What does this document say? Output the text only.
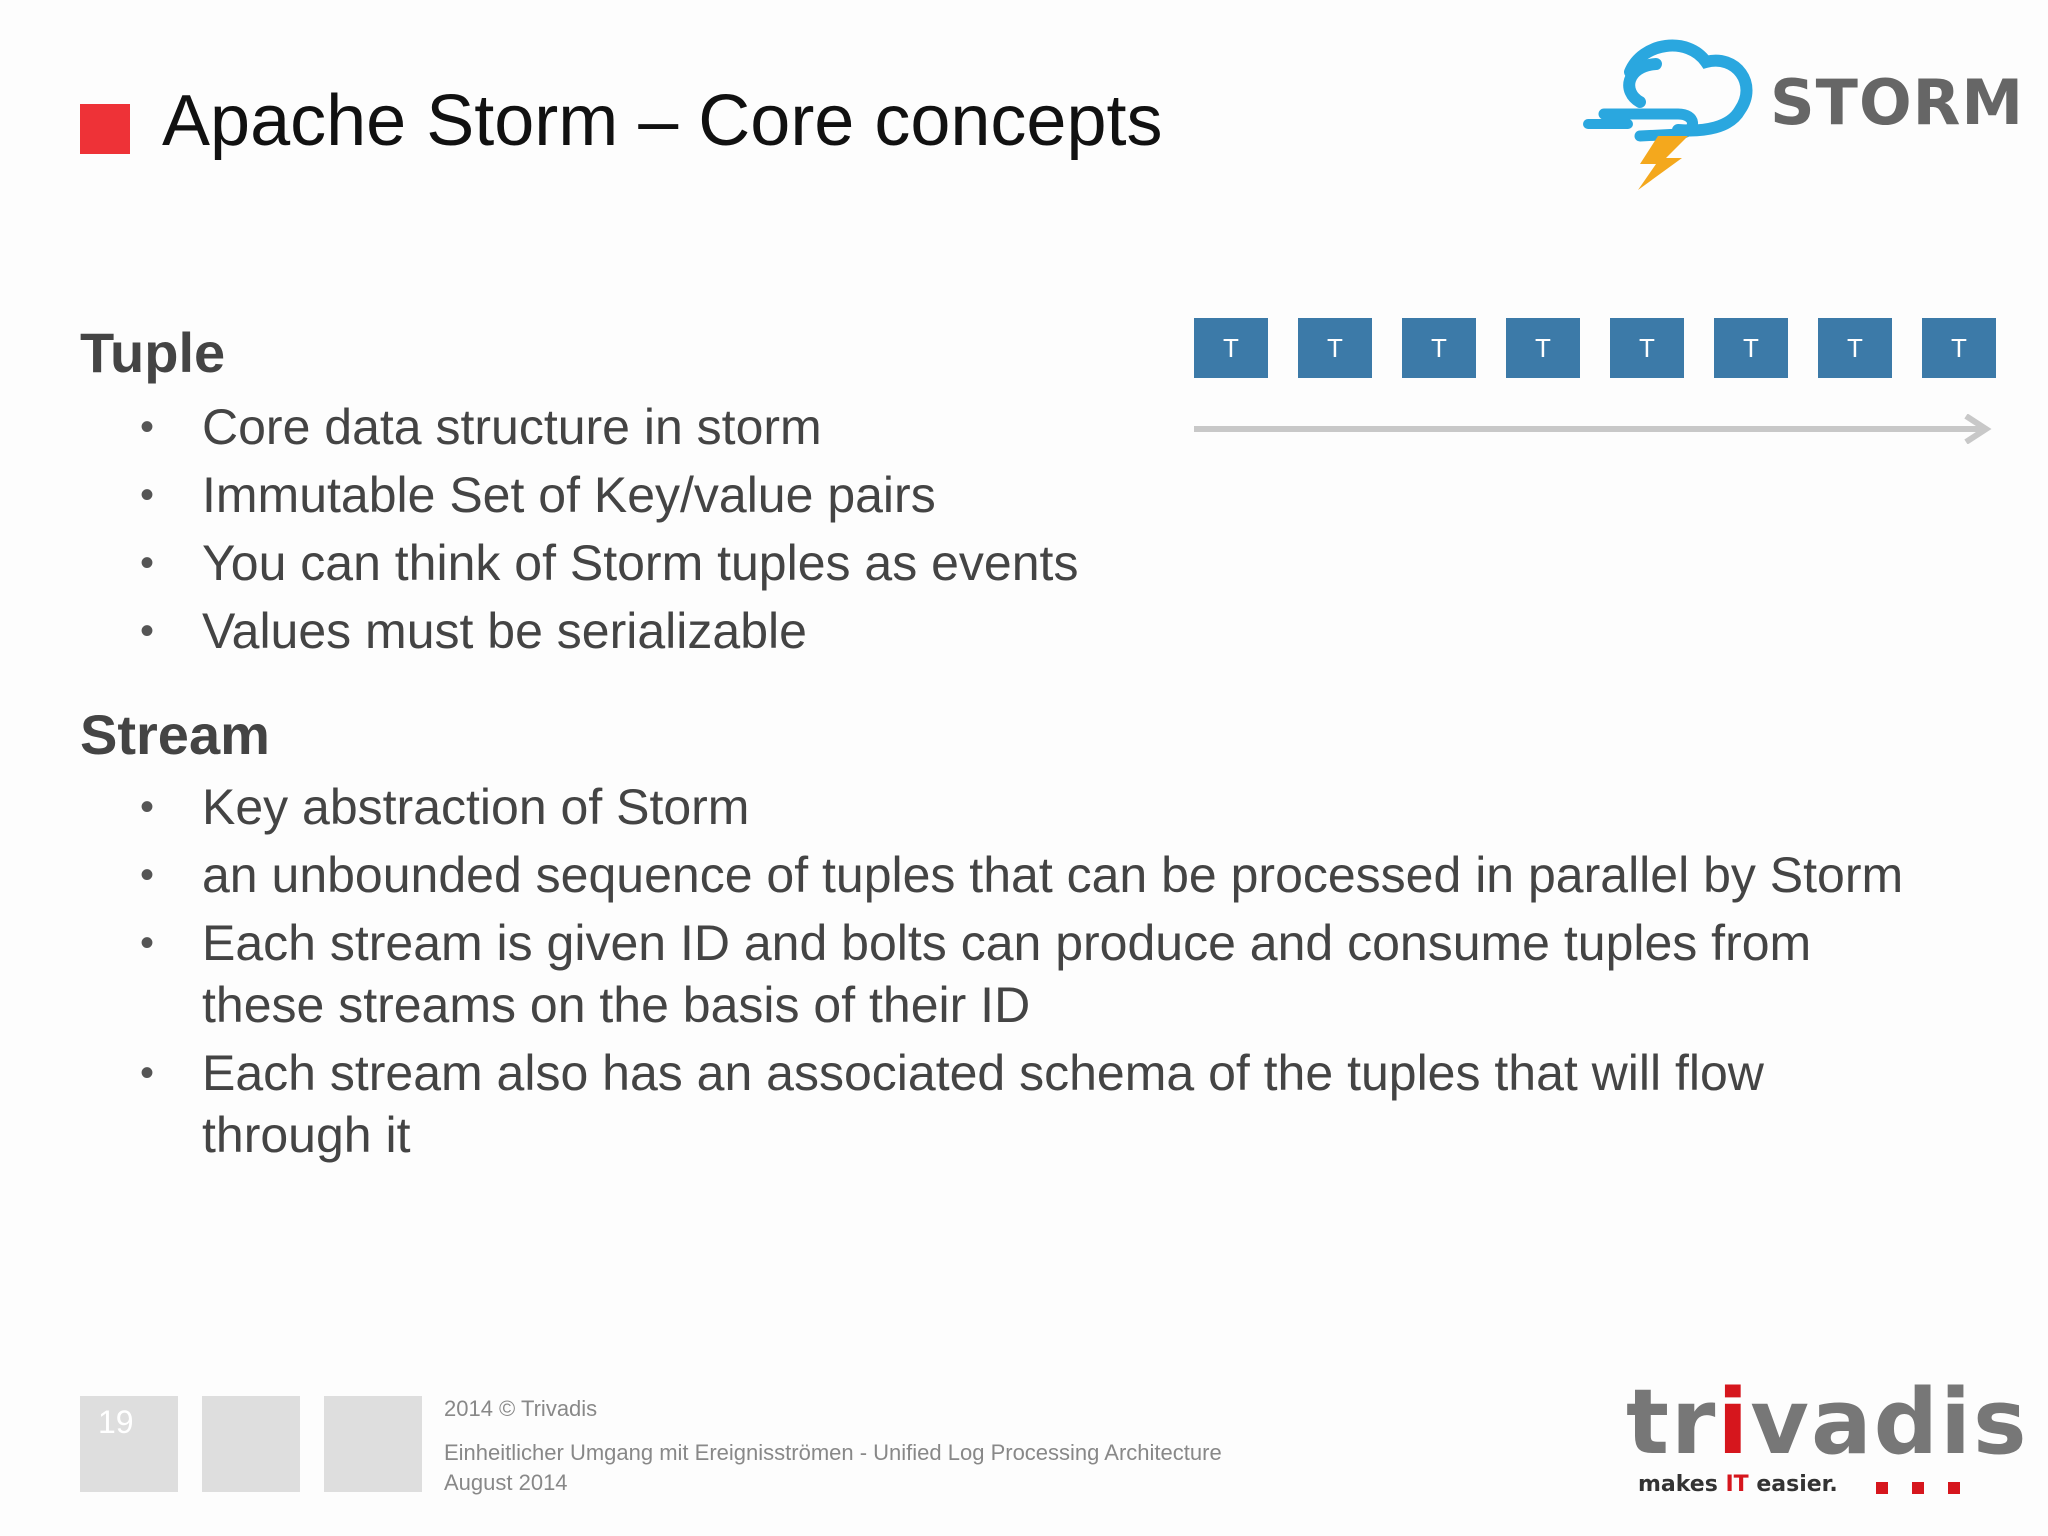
Apache Storm – Core concepts	STORM
Tuple
• Core data structure in storm
• Immutable Set of Key/value pairs
• You can think of Storm tuples as events
• Values must be serializable
T	T	T	T	T	T	T	T
Stream
• Key abstraction of Storm
• an unbounded sequence of tuples that can be processed in parallel by Storm
• Each stream is given ID and bolts can produce and consume tuples from these streams on the basis of their ID
• Each stream also has an associated schema of the tuples that will flow through it
19	2014 © Trivadis
Einheitlicher Umgang mit Ereignisströmen - Unified Log Processing Architecture
August 2014
trivadis
makes IT easier.
